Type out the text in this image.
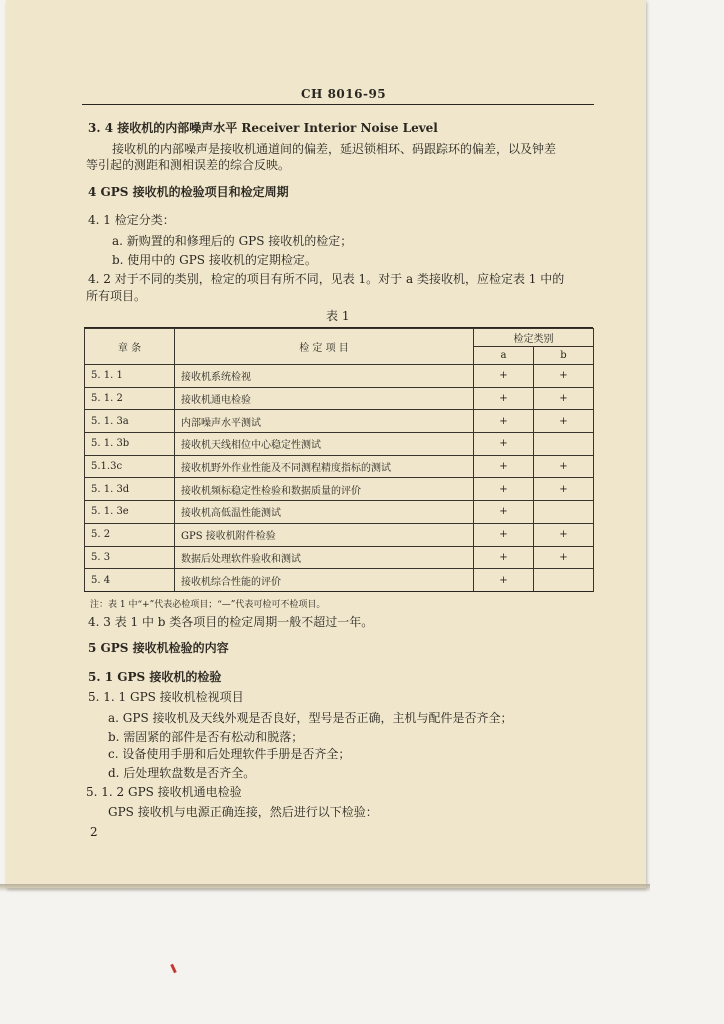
CH 8016-95
3. 4 接收机的内部噪声水平 Receiver Interior Noise Level
接收机的内部噪声是接收机通道间的偏差，延迟锁相环、码跟踪环的偏差，以及钟差
等引起的测距和测相误差的综合反映。
4 GPS 接收机的检验项目和检定周期
4. 1 检定分类：
a. 新购置的和修理后的 GPS 接收机的检定；
b. 使用中的 GPS 接收机的定期检定。
4. 2 对于不同的类别，检定的项目有所不同，见表 1。对于 a 类接收机，应检定表 1 中的
所有项目。
表 1
章 条	检 定 项 目	检定类别	
		a	b
5. 1. 1	接收机系统检视	+	+
5. 1. 2	接收机通电检验	+	+
5. 1. 3a	内部噪声水平测试	+	+
5. 1. 3b	接收机天线相位中心稳定性测试	+	
5.1.3c	接收机野外作业性能及不同测程精度指标的测试	+	+
5. 1. 3d	接收机频标稳定性检验和数据质量的评价	+	+
5. 1. 3e	接收机高低温性能测试	+	
5. 2	GPS 接收机附件检验	+	+
5. 3	数据后处理软件验收和测试	+	+
5. 4	接收机综合性能的评价	+	
注：表 1 中“+”代表必检项目；“—”代表可检可不检项目。
4. 3 表 1 中 b 类各项目的检定周期一般不超过一年。
5 GPS 接收机检验的内容
5. 1 GPS 接收机的检验
5. 1. 1 GPS 接收机检视项目
a. GPS 接收机及天线外观是否良好，型号是否正确，主机与配件是否齐全；
b. 需固紧的部件是否有松动和脱落；
c. 设备使用手册和后处理软件手册是否齐全；
d. 后处理软盘数是否齐全。
5. 1. 2 GPS 接收机通电检验
GPS 接收机与电源正确连接，然后进行以下检验：
2
